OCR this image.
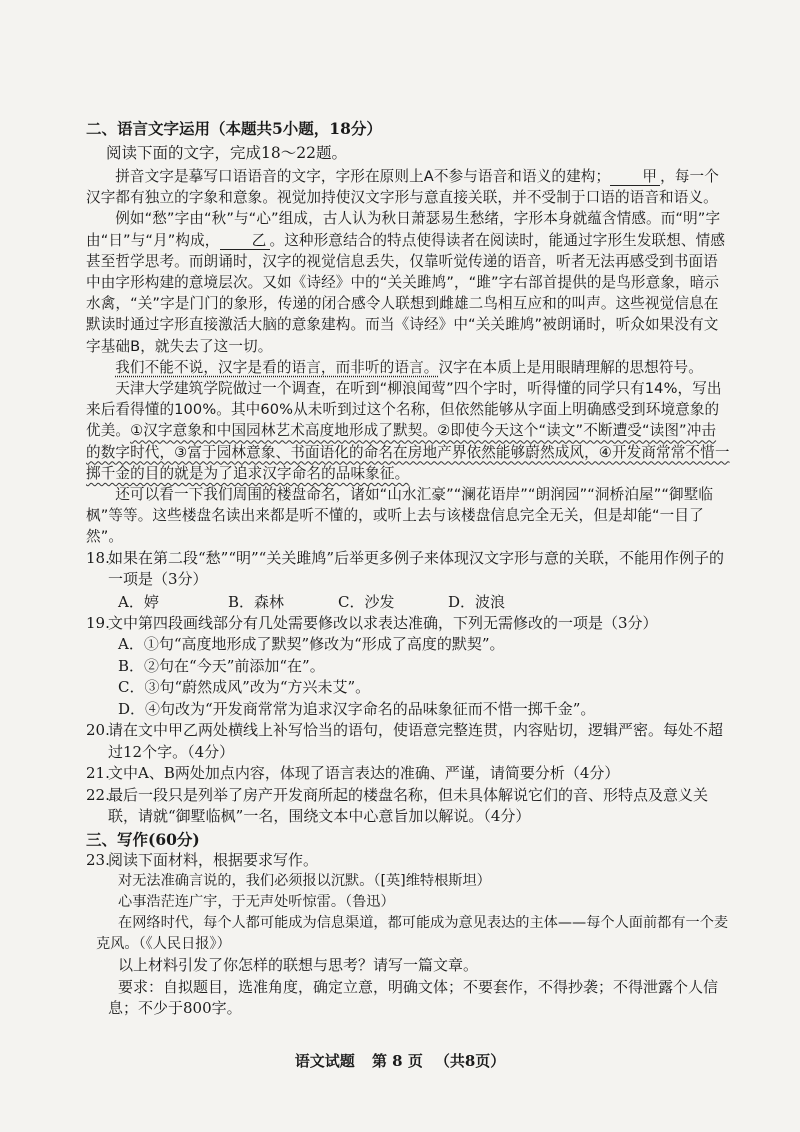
二、语言文字运用（本题共5小题，18分）

阅读下面的文字，完成18～22题。

拼音文字是摹写口语语音的文字，字形在原则上A不参与语音和语义的建构； 甲 ，每一个汉字都有独立的字象和意象。视觉加持使汉文字形与意直接关联，并不受制于口语的语音和语义。

例如“愁”字由“秋”与“心”组成，古人认为秋日萧瑟易生愁绪，字形本身就蕴含情感。而“明”字由“日”与“月”构成， 乙 。这种形意结合的特点使得读者在阅读时，能通过字形生发联想、情感甚至哲学思考。而朗诵时，汉字的视觉信息丢失，仅靠听觉传递的语音，听者无法再感受到书面语中由字形构建的意境层次。又如《诗经》中的“关关雎鸠”，“雎”字右部首提供的是鸟形意象，暗示水禽，“关”字是门门的象形，传递的闭合感令人联想到雌雄二鸟相互应和的叫声。这些视觉信息在默读时通过字形直接激活大脑的意象建构。而当《诗经》中“关关雎鸠”被朗诵时，听众如果没有文字基础B，就失去了这一切。

我们不能不说，汉字是看的语言，而非听的语言。汉字在本质上是用眼睛理解的思想符号。

天津大学建筑学院做过一个调查，在听到“柳浪闻莺”四个字时，听得懂的同学只有14%，写出来后看得懂的100%。其中60%从未听到过这个名称，但依然能够从字面上明确感受到环境意象的优美。①汉字意象和中国园林艺术高度地形成了默契。②即使今天这个“读文”不断遭受“读图”冲击的数字时代，③富于园林意象、书面语化的命名在房地产界依然能够蔚然成风，④开发商常常不惜一掷千金的目的就是为了追求汉字命名的品味象征。

还可以看一下我们周围的楼盘命名，诸如“山水汇豪”“澜花语岸”“朗润园”“洞桥泊屋”“御墅临枫”等等。这些楼盘名读出来都是听不懂的，或听上去与该楼盘信息完全无关，但是却能“一目了然”。

18.如果在第二段“愁”“明”“关关雎鸠”后举更多例子来体现汉文字形与意的关联，不能用作例子的一项是（3分）

A．婷	B．森林	C．沙发	D．波浪

19.文中第四段画线部分有几处需要修改以求表达准确，下列无需修改的一项是（3分）

A．①句“高度地形成了默契”修改为“形成了高度的默契”。

B．②句在“今天”前添加“在”。

C．③句“蔚然成风”改为“方兴未艾”。

D．④句改为“开发商常常为追求汉字命名的品味象征而不惜一掷千金”。

20.请在文中甲乙两处横线上补写恰当的语句，使语意完整连贯，内容贴切，逻辑严密。每处不超过12个字。（4分）

21.文中A、B两处加点内容，体现了语言表达的准确、严谨，请简要分析（4分）

22.最后一段只是列举了房产开发商所起的楼盘名称，但未具体解说它们的音、形特点及意义关联，请就“御墅临枫”一名，围绕文本中心意旨加以解说。（4分）

三、写作(60分)

23.阅读下面材料，根据要求写作。

对无法准确言说的，我们必须报以沉默。（[英]维特根斯坦）

心事浩茫连广宇，于无声处听惊雷。（鲁迅）

在网络时代，每个人都可能成为信息渠道，都可能成为意见表达的主体——每个人面前都有一个麦克风。（《人民日报》）

以上材料引发了你怎样的联想与思考？请写一篇文章。

要求：自拟题目，选准角度，确定立意，明确文体；不要套作，不得抄袭；不得泄露个人信息；不少于800字。

语文试题 第 8 页 （共8页）
